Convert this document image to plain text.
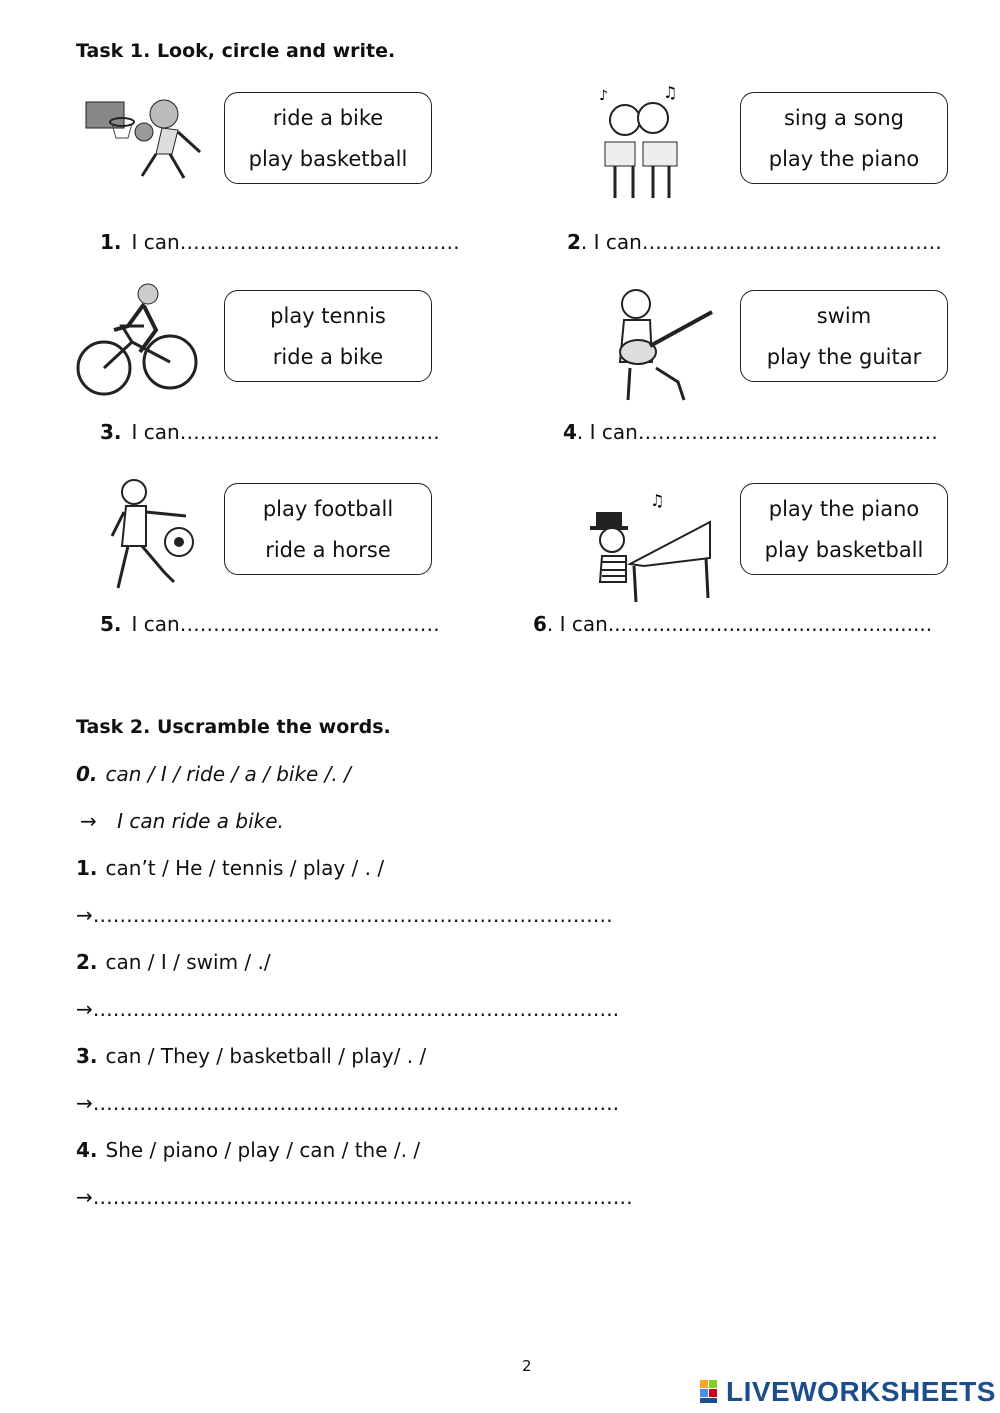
Task 1. Look, circle and write.
♫
♪
♫
ride a bike
play basketball
sing a song
play the piano
play tennis
ride a bike
swim
play the guitar
play football
ride a horse
play the piano
play basketball
1. I can……………………………………	2. I can………………………………………
3. I can…………………………………	4. I can………………………………………
5. I can…………………………………	6. I can...................................................
Task 2. Uscramble the words.
0. can / I / ride / a / bike /. /
→ I can ride a bike.
1. can’t / He / tennis / play / . /
→……………………………………………………………………
2. can / I / swim / ./
→…………………………………………………………………….
3. can / They / basketball / play/ . /
→…………………………………………………………………….
4. She / piano / play / can / the /. /
→………………………………………………………………………
2
LIVEWORKSHEETS
